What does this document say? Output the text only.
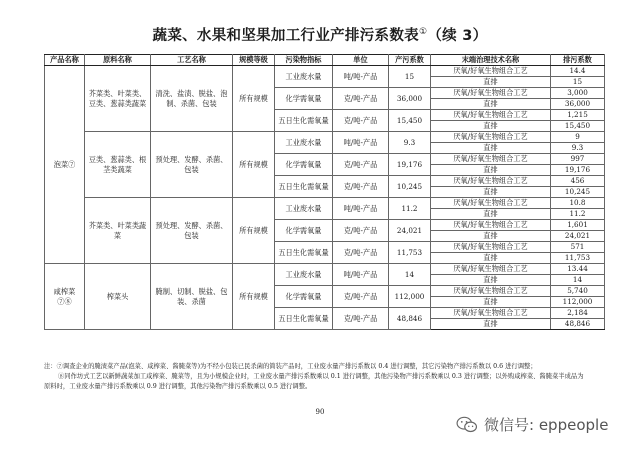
蔬菜、水果和坚果加工行业产排污系数表①（续 3）
产品名称	原料名称	工艺名称	规模等级	污染物指标	单位	产污系数	末端治理技术名称	排污系数
泡菜⑦	芥菜类、叶菜类、豆类、葱蒜类蔬菜	清洗、盐渍、脱盐、泡制、杀菌、包装	所有规模	工业废水量	吨/吨-产品	15	厌氧/好氧生物组合工艺	14.4
							直排	15
				化学需氧量	克/吨-产品	36,000	厌氧/好氧生物组合工艺	3,000
							直排	36,000
				五日生化需氧量	克/吨-产品	15,450	厌氧/好氧生物组合工艺	1,215
							直排	15,450
	豆类、葱蒜类、根茎类蔬菜	预处理、发酵、杀菌、包装	所有规模	工业废水量	吨/吨-产品	9.3	厌氧/好氧生物组合工艺	9
							直排	9.3
				化学需氧量	克/吨-产品	19,176	厌氧/好氧生物组合工艺	997
							直排	19,176
				五日生化需氧量	克/吨-产品	10,245	厌氧/好氧生物组合工艺	456
							直排	10,245
	芥菜类、叶菜类蔬菜	预处理、发酵、杀菌、包装	所有规模	工业废水量	吨/吨-产品	11.2	厌氧/好氧生物组合工艺	10.8
							直排	11.2
				化学需氧量	克/吨-产品	24,021	厌氧/好氧生物组合工艺	1,601
							直排	24,021
				五日生化需氧量	克/吨-产品	11,753	厌氧/好氧生物组合工艺	571
							直排	11,753
咸榨菜⑦⑧	榨菜头	腌制、切制、脱盐、包装、杀菌	所有规模	工业废水量	吨/吨-产品	14	厌氧/好氧生物组合工艺	13.44
							直排	14
				化学需氧量	克/吨-产品	112,000	厌氧/好氧生物组合工艺	5,740
							直排	112,000
				五日生化需氧量	克/吨-产品	48,846	厌氧/好氧生物组合工艺	2,184
							直排	48,846
注：⑦调查企业的腌渍菜产品(泡菜、咸榨菜、酱腌菜等)为不经小包装已民杀菌的简装产品时，工业废水量产排污系数以 0.4 进行调整，其它污染物产排污系数以 0.6 进行调整；
⑧同作坊式工艺以新鲜蔬菜加工咸榨菜、腌菜等，且为小规模企业时，工业废水量产排污系数乘以 0.1 进行调整，其他污染物产排污系数乘以 0.3 进行调整；以外购咸榨菜、酱腌菜半成品为
原料时，工业废水量产排污系数乘以 0.9 进行调整，其他污染物产排污系数乘以 0.5 进行调整。
90
微信号: eppeople
